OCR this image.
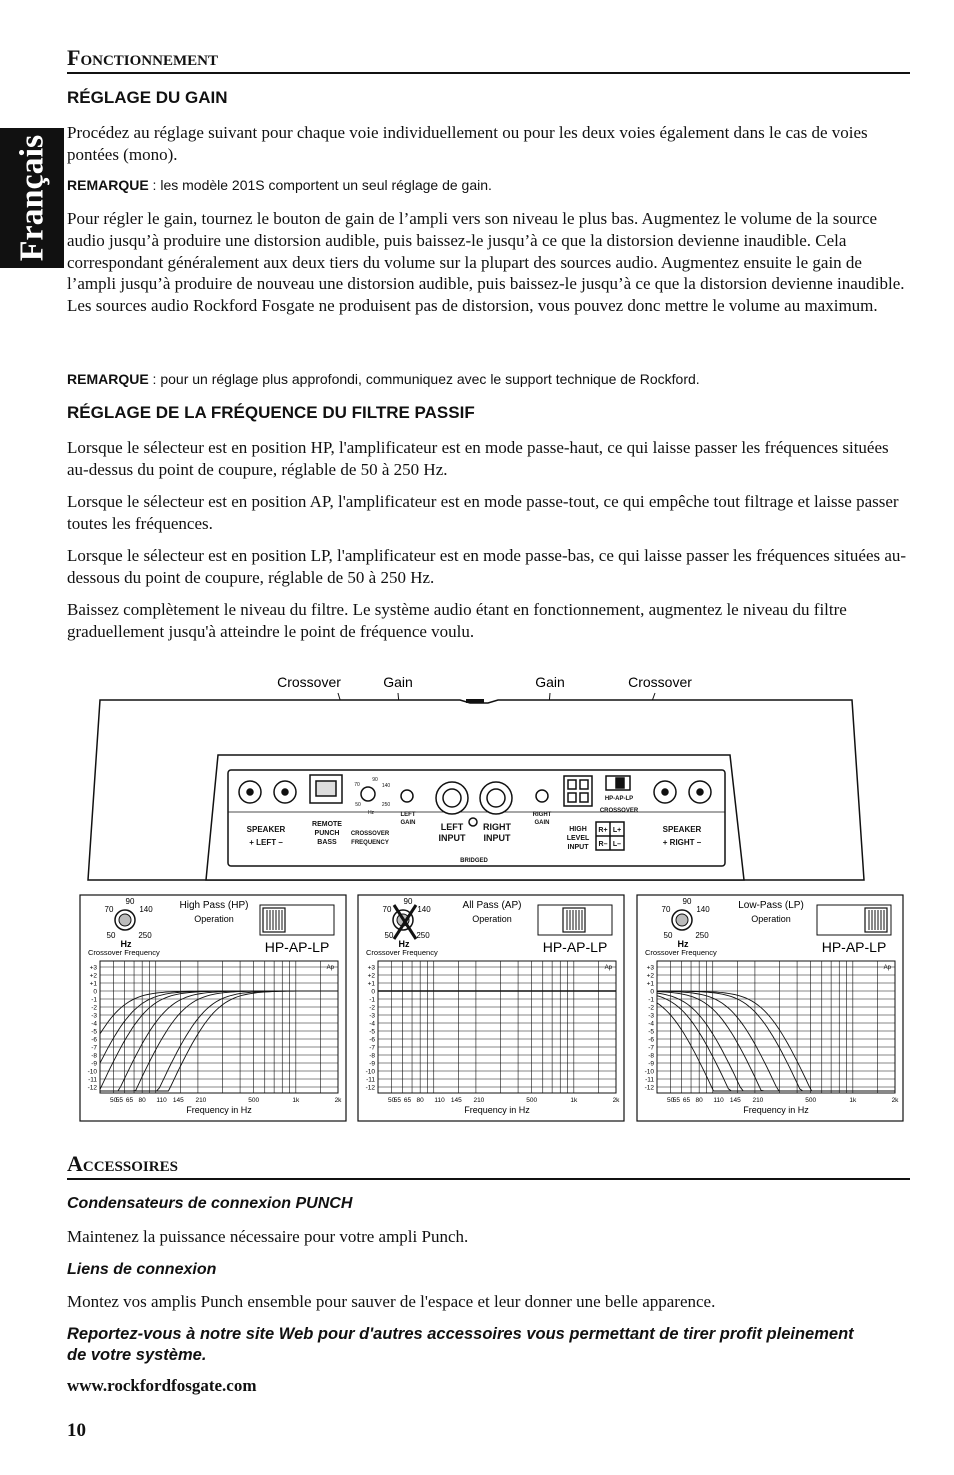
Français
Fonctionnement
RÉGLAGE DU GAIN

Procédez au réglage suivant pour chaque voie individuellement ou pour les deux voies également dans le cas de voies pontées (mono).

REMARQUE : les modèle 201S comportent un seul réglage de gain.

Pour régler le gain, tournez le bouton de gain de l’ampli vers son niveau le plus bas. Augmentez le volume de la source audio jusqu’à produire une distorsion audible, puis baissez-le jusqu’à ce que la distorsion devienne inaudible. Cela correspondant généralement aux deux tiers du volume sur la plupart des sources audio. Augmentez ensuite le gain de l’ampli jusqu’à produire de nouveau une distorsion audible, puis baissez-le jusqu’à ce que la distorsion devienne inaudible. Les sources audio Rockford Fosgate ne produisent pas de distorsion, vous pouvez donc mettre le volume au maximum.

REMARQUE : pour un réglage plus approfondi, communiquez avec le support technique de Rockford.

RÉGLAGE DE LA FRÉQUENCE DU FILTRE PASSIF

Lorsque le sélecteur est en position HP, l'amplificateur est en mode passe-haut, ce qui laisse passer les fréquences situées au-dessus du point de coupure, réglable de 50 à 250 Hz.

Lorsque le sélecteur est en position AP, l'amplificateur est en mode passe-tout, ce qui empêche tout filtrage et laisse passer toutes les fréquences.

Lorsque le sélecteur est en position LP, l'amplificateur est en mode passe-bas, ce qui laisse passer les fréquences situées au-dessous du point de coupure, réglable de 50 à 250 Hz.

Baissez complètement le niveau du filtre. Le système audio étant en fonctionnement, augmentez le niveau du filtre graduellement jusqu'à atteindre le point de fréquence voulu.

Crossover	Gain	Gain	Crossover
SPEAKER
+ LEFT –
REMOTE
PUNCH
BASS
CROSSOVER
FREQUENCY
LEFT
GAIN	LEFT
INPUT
RIGHT
INPUT
RIGHT
GAIN
HIGH
LEVEL
INPUT
R+ L+
R– L–
HP-AP-LP
CROSSOVER
SPEAKER
+ RIGHT –
BRIDGED
70
90
140
50	250
Hz
70
90
140
50	250
Hz
Crossover Frequency
High Pass (HP)
Operation
HP-AP-LP
+3
+2
+1
0
-1
-2
-3
-4
-5
-6
-7
-8
-9
-10
-11
-12
50
55 65 80 110 145 210	500	1k	2k
Ap
Frequency in Hz
70
90
140
50	250
Hz
Crossover Frequency
All Pass (AP)
Operation
HP-AP-LP
+3
+2
+1
0
-1
-2
-3
-4
-5
-6
-7
-8
-9
-10
-11
-12
50
55 65 80 110 145 210	500	1k	2k
Ap
Frequency in Hz
70
90
140
50	250
Hz
Crossover Frequency
Low-Pass (LP)
Operation
HP-AP-LP
+3
+2
+1
0
-1
-2
-3
-4
-5
-6
-7
-8
-9
-10
-11
-12
50
55 65 80 110 145 210	500	1k	2k
Ap
Frequency in Hz
Accessoires
Condensateurs de connexion PUNCH

Maintenez la puissance nécessaire pour votre ampli Punch.

Liens de connexion

Montez vos amplis Punch ensemble pour sauver de l'espace et leur donner une belle apparence.

Reportez-vous à notre site Web pour d'autres accessoires vous permettant de tirer profit pleinement de votre système.
www.rockfordfosgate.com
10
